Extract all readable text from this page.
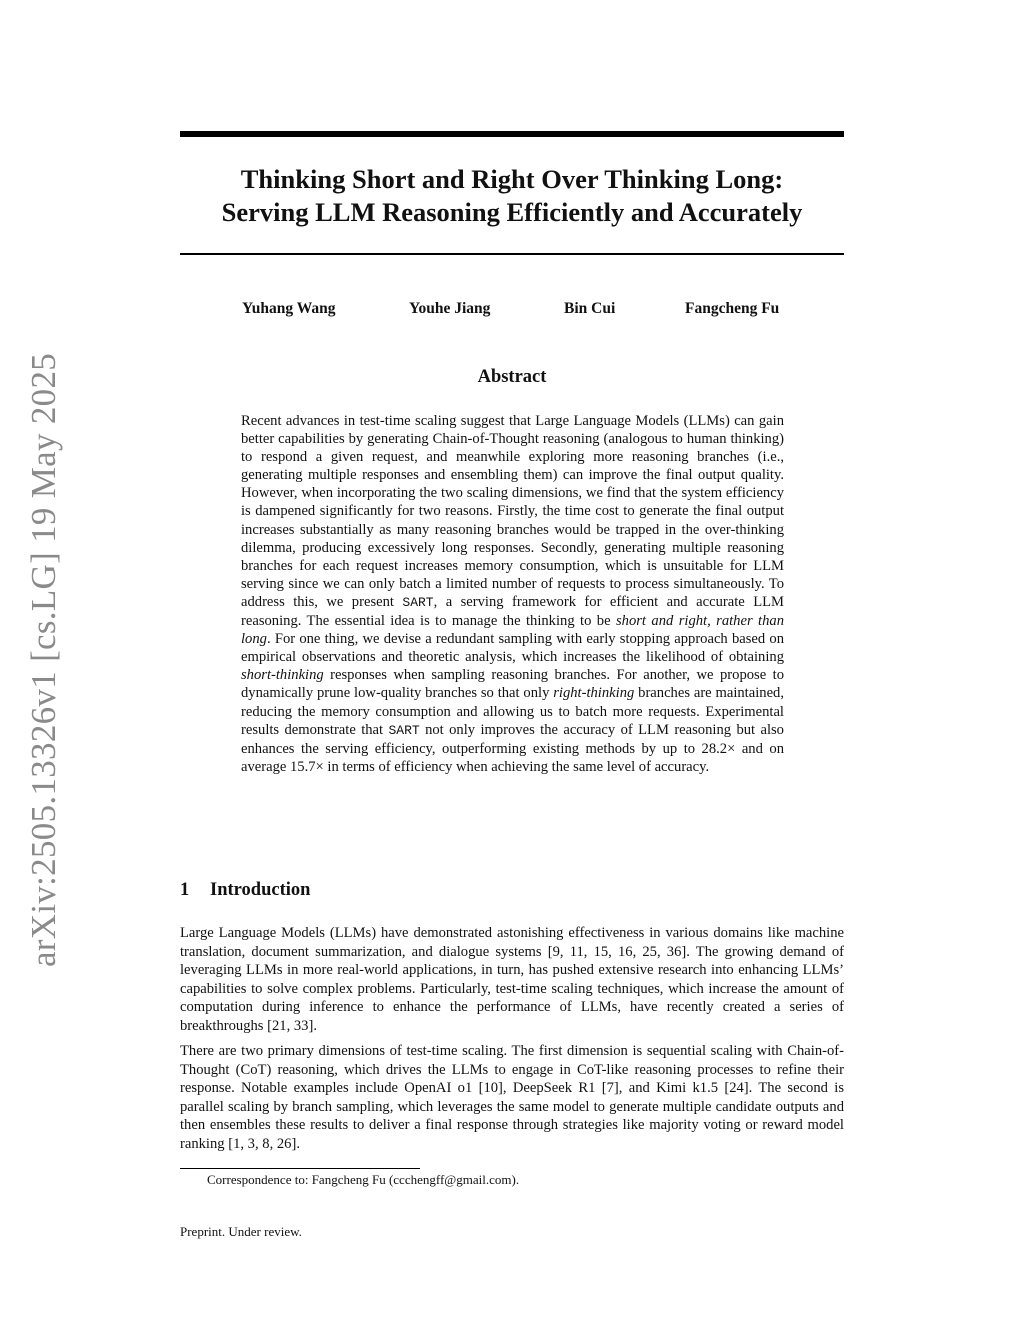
arXiv:2505.13326v1 [cs.LG] 19 May 2025
Thinking Short and Right Over Thinking Long:
Serving LLM Reasoning Efficiently and Accurately
Yuhang Wang	Youhe Jiang	Bin Cui	Fangcheng Fu
Abstract

Recent advances in test-time scaling suggest that Large Language Models (LLMs) can gain better capabilities by generating Chain-of-Thought reasoning (analogous to human thinking) to respond a given request, and meanwhile exploring more reasoning branches (i.e., generating multiple responses and ensembling them) can improve the final output quality. However, when incorporating the two scaling dimensions, we find that the system efficiency is dampened significantly for two reasons. Firstly, the time cost to generate the final output increases substantially as many reasoning branches would be trapped in the over-thinking dilemma, producing excessively long responses. Secondly, generating multiple reasoning branches for each request increases memory consumption, which is unsuitable for LLM serving since we can only batch a limited number of requests to process simultaneously. To address this, we present SART, a serving framework for efficient and accurate LLM reasoning. The essential idea is to manage the thinking to be short and right, rather than long. For one thing, we devise a redundant sampling with early stopping approach based on empirical observations and theoretic analysis, which increases the likelihood of obtaining short-thinking responses when sampling reasoning branches. For another, we propose to dynamically prune low-quality branches so that only right-thinking branches are maintained, reducing the memory consumption and allowing us to batch more requests. Experimental results demonstrate that SART not only improves the accuracy of LLM reasoning but also enhances the serving efficiency, outperforming existing methods by up to 28.2× and on average 15.7× in terms of efficiency when achieving the same level of accuracy.

1 Introduction

Large Language Models (LLMs) have demonstrated astonishing effectiveness in various domains like machine translation, document summarization, and dialogue systems [9, 11, 15, 16, 25, 36]. The growing demand of leveraging LLMs in more real-world applications, in turn, has pushed extensive research into enhancing LLMs’ capabilities to solve complex problems. Particularly, test-time scaling techniques, which increase the amount of computation during inference to enhance the performance of LLMs, have recently created a series of breakthroughs [21, 33].

There are two primary dimensions of test-time scaling. The first dimension is sequential scaling with Chain-of-Thought (CoT) reasoning, which drives the LLMs to engage in CoT-like reasoning processes to refine their response. Notable examples include OpenAI o1 [10], DeepSeek R1 [7], and Kimi k1.5 [24]. The second is parallel scaling by branch sampling, which leverages the same model to generate multiple candidate outputs and then ensembles these results to deliver a final response through strategies like majority voting or reward model ranking [1, 3, 8, 26].

Correspondence to: Fangcheng Fu (ccchengff@gmail.com).
Preprint. Under review.
